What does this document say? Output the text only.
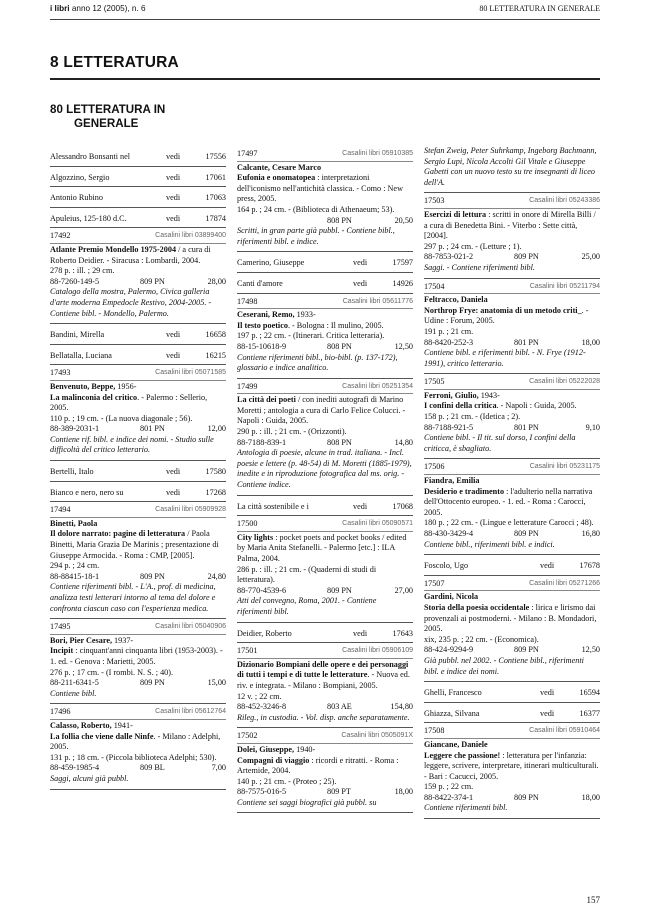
i libri anno 12 (2005), n. 6	80 LETTERATURA IN GENERALE
8 LETTERATURA
80 LETTERATURA IN
GENERALE
Alessandro Bonsanti nel	vedi	17556
Algozzino, Sergio	vedi	17061
Antonio Rubino	vedi	17063
Apuleius, 125-180 d.C.	vedi	17874
17492	Casalini libri 03899400
Atlante Premio Mondello 1975-2004 / a cura di Roberto Deidier. - Siracusa : Lombardi, 2004.
278 p. : ill. ; 29 cm.
88-7260-149-5	809 PN	28,00
Catalogo della mostra, Palermo, Civica galleria d'arte moderna Empedocle Restivo, 2004-2005. - Contiene bibl. - Mondello, Palermo.
Bandini, Mirella	vedi	16658
Bellatalla, Luciana	vedi	16215
17493	Casalini libri 05071585
Benvenuto, Beppe, 1956-
La malinconia del critico. - Palermo : Sellerio, 2005.
110 p. ; 19 cm. - (La nuova diagonale ; 56).
88-389-2031-1	801 PN	12,00
Contiene rif. bibl. e indice dei nomi. - Studio sulle difficoltà del critico letterario.
Bertelli, Italo	vedi	17580
Bianco e nero, nero su	vedi	17268
17494	Casalini libri 05909928
Binetti, Paola
Il dolore narrato: pagine di letteratura / Paola Binetti, Maria Grazia De Marinis ; presentazione di Giuseppe Armocida. - Roma : CMP, [2005].
294 p. ; 24 cm.
88-88415-18-1	809 PN	24,80
Contiene riferimenti bibl. - L'A., prof. di medicina, analizza testi letterari intorno al tema del dolore e confronta ciascun caso con l'esperienza medica.
17495	Casalini libri 05040906
Bori, Pier Cesare, 1937-
Incipit : cinquant'anni cinquanta libri (1953-2003). - 1. ed. - Genova : Marietti, 2005.
276 p. ; 17 cm. - (I rombi. N. S. ; 40).
88-211-6341-5	809 PN	15,00
Contiene bibl.
17496	Casalini libri 05612764
Calasso, Roberto, 1941-
La follia che viene dalle Ninfe. - Milano : Adelphi, 2005.
131 p. ; 18 cm. - (Piccola biblioteca Adelphi; 530).
88-459-1985-4	809 BL	7,00
Saggi, alcuni già pubbl.
17497	Casalini libri 05910385
Calcante, Cesare Marco
Eufonia e onomatopea : interpretazioni dell'iconismo nell'antichità classica. - Como : New press, 2005.
164 p. ; 24 cm. - (Biblioteca di Athenaeum; 53).
808 PN	20,50
Scritti, in gran parte già pubbl. - Contiene bibl., riferimenti bibl. e indice.
Camerino, Giuseppe	vedi	17597
Canti d'amore	vedi	14926
17498	Casalini libri 05611776
Ceserani, Remo, 1933-
Il testo poetico. - Bologna : Il mulino, 2005.
197 p. ; 22 cm. - (Itinerari. Critica letteraria).
88-15-10618-9	808 PN	12,50
Contiene riferimenti bibl., bio-bibl. (p. 137-172), glossario e indice analitico.
17499	Casalini libri 05251354
La città dei poeti / con inediti autografi di Marino Moretti ; antologia a cura di Carlo Felice Colucci. - Napoli : Guida, 2005.
290 p. : ill. ; 21 cm. - (Orizzonti).
88-7188-839-1	808 PN	14,80
Antologia di poesie, alcune in trad. italiana. - Incl. poesie e lettere (p. 48-54) di M. Moretti (1885-1979), inedite e in riproduzione fotografica dal ms. orig. - Contiene indice.
La città sostenibile e i	vedi	17068
17500	Casalini libri 05090571
City lights : pocket poets and pocket books / edited by Maria Anita Stefanelli. - Palermo [etc.] : ILA Palma, 2004.
286 p. : ill. ; 21 cm. - (Quaderni di studi di letteratura).
88-770-4539-6	809 PN	27,00
Atti del convegno, Roma, 2001. - Contiene riferimenti bibl.
Deidier, Roberto	vedi	17643
17501	Casalini libri 05906109
Dizionario Bompiani delle opere e dei personaggi di tutti i tempi e di tutte le letterature. - Nuova ed. riv. e integrata. - Milano : Bompiani, 2005.
12 v. ; 22 cm.
88-452-3246-8	803 AE	154,80
Rileg., in custodia. - Vol. disp. anche separatamente.
17502	Casalini libri 0505091X
Dolei, Giuseppe, 1940-
Compagni di viaggio : ricordi e ritratti. - Roma : Artemide, 2004.
140 p. ; 21 cm. - (Proteo ; 25).
88-7575-016-5	809 PT	18,00
Contiene sei saggi biografici già pubbl. su
Stefan Zweig, Peter Suhrkamp, Ingeborg Bachmann, Sergio Lupi, Nicola Accolti Gil Vitale e Giuseppe Gabetti con un nuovo testo su tre insegnanti di liceo dell'A.
17503	Casalini libri 05243386
Esercizi di lettura : scritti in onore di Mirella Billi / a cura di Benedetta Bini. - Viterbo : Sette città, [2004].
297 p. ; 24 cm. - (Letture ; 1).
88-7853-021-2	809 PN	25,00
Saggi. - Contiene riferimenti bibl.
17504	Casalini libri 05211794
Feltracco, Daniela
Northrop Frye: anatomia di un metodo criti_. - Udine : Forum, 2005.
191 p. ; 21 cm.
88-8420-252-3	801 PN	18,00
Contiene bibl. e riferimenti bibl. - N. Frye (1912-1991), critico letterario.
17505	Casalini libri 05222028
Ferroni, Giulio, 1943-
I confini della critica. - Napoli : Guida, 2005.
158 p. ; 21 cm. - (Idetica ; 2).
88-7188-921-5	801 PN	9,10
Contiene bibl. - Il tit. sul dorso, I confini della criticca, è sbagliato.
17506	Casalini libri 05231175
Fiandra, Emilia
Desiderio e tradimento : l'adulterio nella narrativa dell'Ottocento europeo. - 1. ed. - Roma : Carocci, 2005.
180 p. ; 22 cm. - (Lingue e letterature Carocci ; 48).
88-430-3429-4	809 PN	16,80
Contiene bibl., riferimenti bibl. e indici.
Foscolo, Ugo	vedi	17678
17507	Casalini libri 05271266
Gardini, Nicola
Storia della poesia occidentale : lirica e lirismo dai provenzali ai postmoderni. - Milano : B. Mondadori, 2005.
xix, 235 p. ; 22 cm. - (Economica).
88-424-9294-9	809 PN	12,50
Già pubbl. nel 2002. - Contiene bibl., riferimenti bibl. e indice dei nomi.
Ghelli, Francesco	vedi	16594
Ghiazza, Silvana	vedi	16377
17508	Casalini libri 05910464
Giancane, Daniele
Leggere che passione! : letteratura per l'infanzia: leggere, scrivere, interpretare, itinerari multiculturali. - Bari : Cacucci, 2005.
159 p. ; 22 cm.
88-8422-374-1	809 PN	18,00
Contiene riferimenti bibl.
157
